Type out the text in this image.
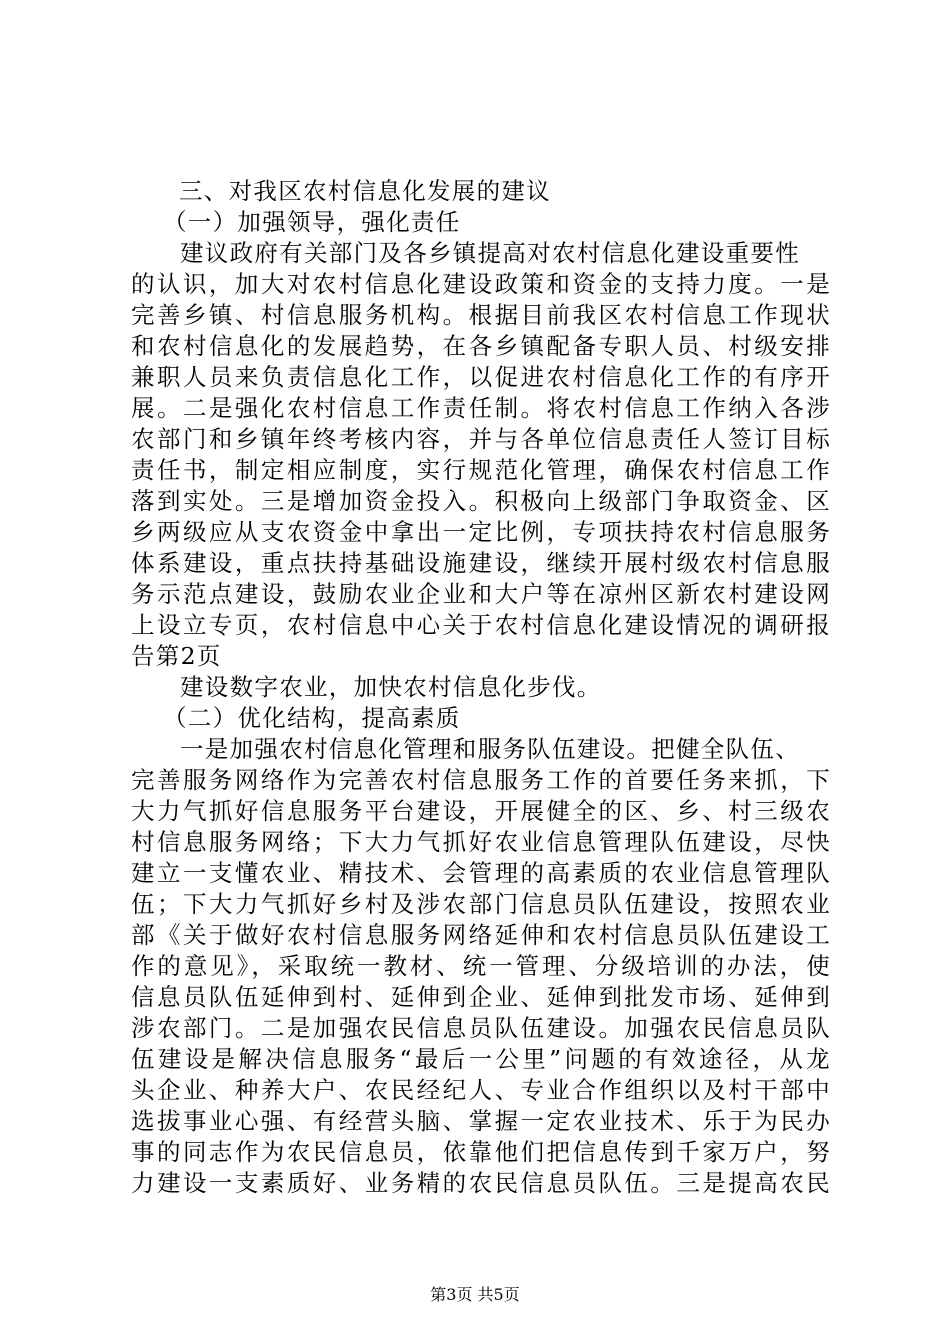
三、对我区农村信息化发展的建议
（一）加强领导，强化责任
建议政府有关部门及各乡镇提高对农村信息化建设重要性
的认识，加大对农村信息化建设政策和资金的支持力度。一是
完善乡镇、村信息服务机构。根据目前我区农村信息工作现状
和农村信息化的发展趋势，在各乡镇配备专职人员、村级安排
兼职人员来负责信息化工作，以促进农村信息化工作的有序开
展。二是强化农村信息工作责任制。将农村信息工作纳入各涉
农部门和乡镇年终考核内容，并与各单位信息责任人签订目标
责任书，制定相应制度，实行规范化管理，确保农村信息工作
落到实处。三是增加资金投入。积极向上级部门争取资金、区
乡两级应从支农资金中拿出一定比例，专项扶持农村信息服务
体系建设，重点扶持基础设施建设，继续开展村级农村信息服
务示范点建设，鼓励农业企业和大户等在凉州区新农村建设网
上设立专页，农村信息中心关于农村信息化建设情况的调研报
告第2页
建设数字农业，加快农村信息化步伐。
（二）优化结构，提高素质
一是加强农村信息化管理和服务队伍建设。把健全队伍、
完善服务网络作为完善农村信息服务工作的首要任务来抓，下
大力气抓好信息服务平台建设，开展健全的区、乡、村三级农
村信息服务网络；下大力气抓好农业信息管理队伍建设，尽快
建立一支懂农业、精技术、会管理的高素质的农业信息管理队
伍；下大力气抓好乡村及涉农部门信息员队伍建设，按照农业
部《关于做好农村信息服务网络延伸和农村信息员队伍建设工
作的意见》，采取统一教材、统一管理、分级培训的办法，使
信息员队伍延伸到村、延伸到企业、延伸到批发市场、延伸到
涉农部门。二是加强农民信息员队伍建设。加强农民信息员队
伍建设是解决信息服务“最后一公里”问题的有效途径，从龙
头企业、种养大户、农民经纪人、专业合作组织以及村干部中
选拔事业心强、有经营头脑、掌握一定农业技术、乐于为民办
事的同志作为农民信息员，依靠他们把信息传到千家万户，努
力建设一支素质好、业务精的农民信息员队伍。三是提高农民
第3页 共5页
